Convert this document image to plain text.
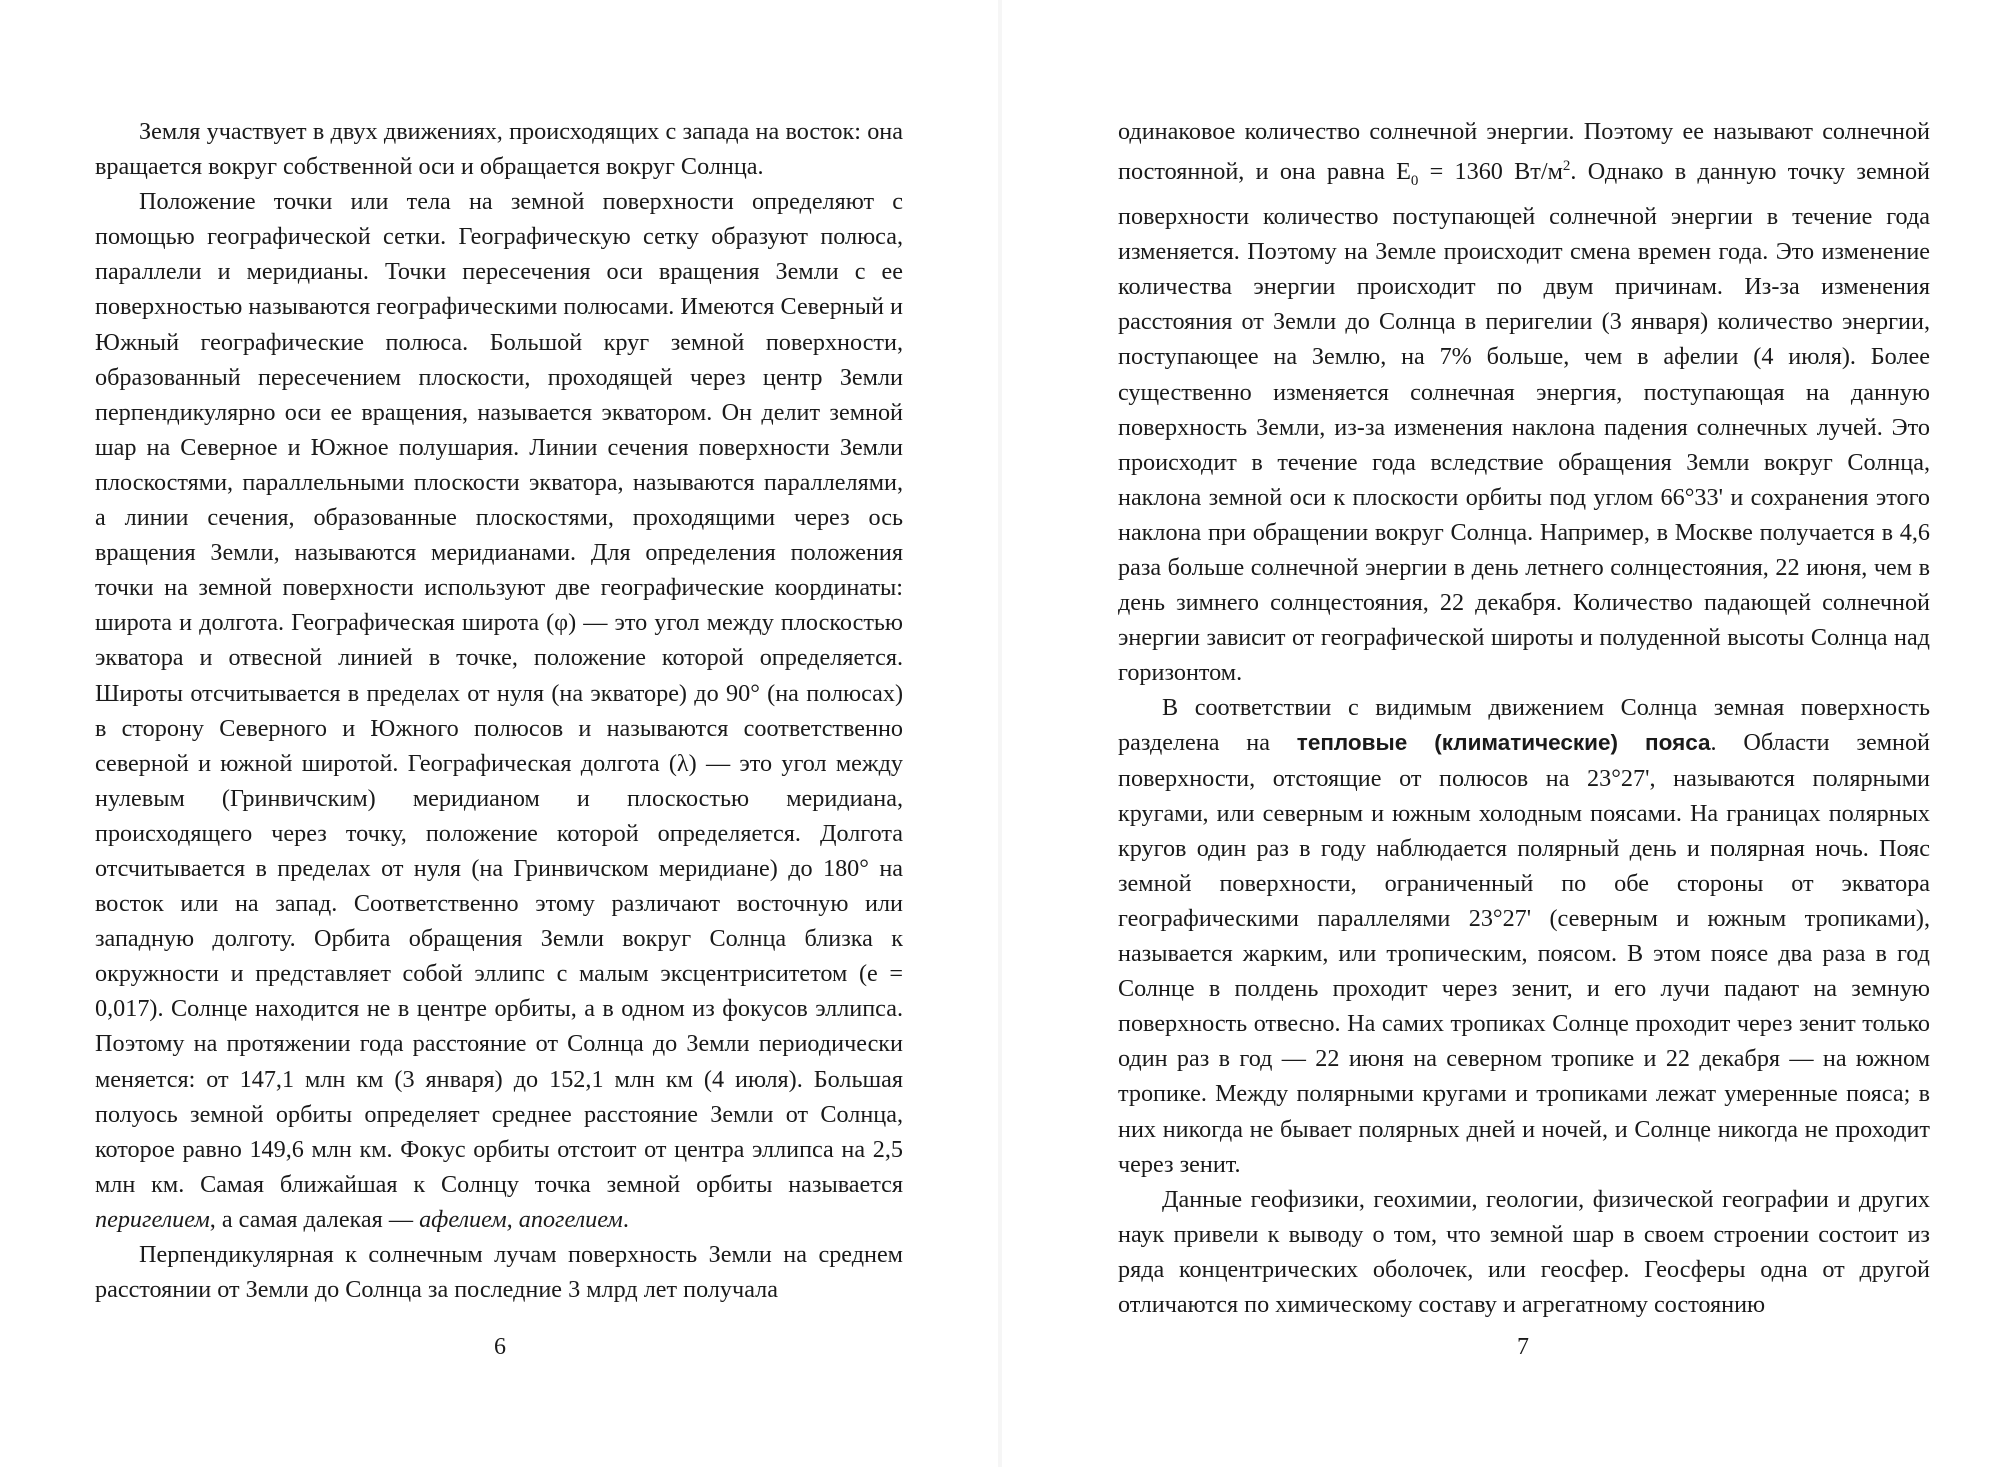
Земля участвует в двух движениях, происходящих с запада на восток: она вращается вокруг собственной оси и обращается вокруг Солнца.

Положение точки или тела на земной поверхности определяют с помощью географической сетки. Географическую сетку образуют полюса, параллели и меридианы. Точки пересечения оси вращения Земли с ее поверхностью называются географическими полюсами. Имеются Северный и Южный географические полюса. Большой круг земной поверхности, образованный пересечением плоскости, проходящей через центр Земли перпендикулярно оси ее вращения, называется экватором. Он делит земной шар на Северное и Южное полушария. Линии сечения поверхности Земли плоскостями, параллельными плоскости экватора, называются параллелями, а линии сечения, образованные плоскостями, проходящими через ось вращения Земли, называются меридианами. Для определения положения точки на земной поверхности используют две географические координаты: широта и долгота. Географическая широта (φ) — это угол между плоскостью экватора и отвесной линией в точке, положение которой определяется. Широты отсчитывается в пределах от нуля (на экваторе) до 90° (на полюсах) в сторону Северного и Южного полюсов и называются соответственно северной и южной широтой. Географическая долгота (λ) — это угол между нулевым (Гринвичским) меридианом и плоскостью меридиана, происходящего через точку, положение которой определяется. Долгота отсчитывается в пределах от нуля (на Гринвичском меридиане) до 180° на восток или на запад. Соответственно этому различают восточную или западную долготу. Орбита обращения Земли вокруг Солнца близка к окружности и представляет собой эллипс с малым эксцентриситетом (е = 0,017). Солнце находится не в центре орбиты, а в одном из фокусов эллипса. Поэтому на протяжении года расстояние от Солнца до Земли периодически меняется: от 147,1 млн км (3 января) до 152,1 млн км (4 июля). Большая полуось земной орбиты определяет среднее расстояние Земли от Солнца, которое равно 149,6 млн км. Фокус орбиты отстоит от центра эллипса на 2,5 млн км. Самая ближайшая к Солнцу точка земной орбиты называется перигелием, а самая далекая — афелием, апогелием.

Перпендикулярная к солнечным лучам поверхность Земли на среднем расстоянии от Земли до Солнца за последние 3 млрд лет получала

6

одинаковое количество солнечной энергии. Поэтому ее называют солнечной постоянной, и она равна $E_0 = 1360$ $Вт/м^2$. Однако в данную точку земной поверхности количество поступающей солнечной энергии в течение года изменяется. Поэтому на Земле происходит смена времен года. Это изменение количества энергии происходит по двум причинам. Из-за изменения расстояния от Земли до Солнца в перигелии (3 января) количество энергии, поступающее на Землю, на 7% больше, чем в афелии (4 июля). Более существенно изменяется солнечная энергия, поступающая на данную поверхность Земли, из-за изменения наклона падения солнечных лучей. Это происходит в течение года вследствие обращения Земли вокруг Солнца, наклона земной оси к плоскости орбиты под углом 66°33' и сохранения этого наклона при обращении вокруг Солнца. Например, в Москве получается в 4,6 раза больше солнечной энергии в день летнего солнцестояния, 22 июня, чем в день зимнего солнцестояния, 22 декабря. Количество падающей солнечной энергии зависит от географической широты и полуденной высоты Солнца над горизонтом.

В соответствии с видимым движением Солнца земная поверхность разделена на тепловые (климатические) пояса. Области земной поверхности, отстоящие от полюсов на 23°27', называются полярными кругами, или северным и южным холодным поясами. На границах полярных кругов один раз в году наблюдается полярный день и полярная ночь. Пояс земной поверхности, ограниченный по обе стороны от экватора географическими параллелями 23°27' (северным и южным тропиками), называется жарким, или тропическим, поясом. В этом поясе два раза в год Солнце в полдень проходит через зенит, и его лучи падают на земную поверхность отвесно. На самих тропиках Солнце проходит через зенит только один раз в год — 22 июня на северном тропике и 22 декабря — на южном тропике. Между полярными кругами и тропиками лежат умеренные пояса; в них никогда не бывает полярных дней и ночей, и Солнце никогда не проходит через зенит.

Данные геофизики, геохимии, геологии, физической географии и других наук привели к выводу о том, что земной шар в своем строении состоит из ряда концентрических оболочек, или геосфер. Геосферы одна от другой отличаются по химическому составу и агрегатному состоянию

7
